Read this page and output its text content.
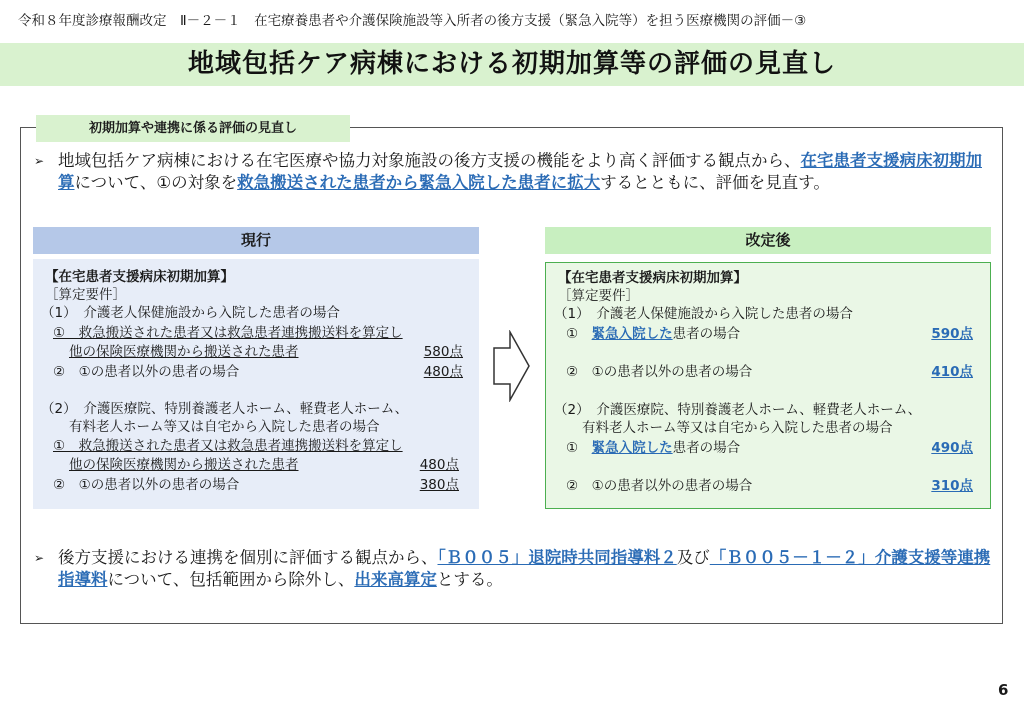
令和８年度診療報酬改定　Ⅱ－２－１　在宅療養患者や介護保険施設等入所者の後方支援（緊急入院等）を担う医療機関の評価－③
地域包括ケア病棟における初期加算等の評価の見直し
初期加算や連携に係る評価の見直し
➢ 地域包括ケア病棟における在宅医療や協力対象施設の後方支援の機能をより高く評価する観点から、在宅患者支援病床初期加算について、①の対象を救急搬送された患者から緊急入院した患者に拡大するとともに、評価を見直す。
現行	改定後
【在宅患者支援病床初期加算】
［算定要件］
（1）　介護老人保健施設から入院した患者の場合
①　救急搬送された患者又は救急患者連携搬送料を算定し
他の保険医療機関から搬送された患者	580点
②　①の患者以外の患者の場合	480点
（2）　介護医療院、特別養護老人ホーム、軽費老人ホーム、
有料老人ホーム等又は自宅から入院した患者の場合
①　救急搬送された患者又は救急患者連携搬送料を算定し
他の保険医療機関から搬送された患者	480点
②　①の患者以外の患者の場合	380点
【在宅患者支援病床初期加算】
［算定要件］
（1）　介護老人保健施設から入院した患者の場合
①　 緊急入院した患者の場合	590点
②　①の患者以外の患者の場合	410点
（2）　介護医療院、特別養護老人ホーム、軽費老人ホーム、
有料老人ホーム等又は自宅から入院した患者の場合
①　 緊急入院した患者の場合	490点
②　①の患者以外の患者の場合	310点
➢ 後方支援における連携を個別に評価する観点から、「Ｂ００５」退院時共同指導料２及び「Ｂ００５－１－２」介護支援等連携指導料について、包括範囲から除外し、出来高算定とする。
6
